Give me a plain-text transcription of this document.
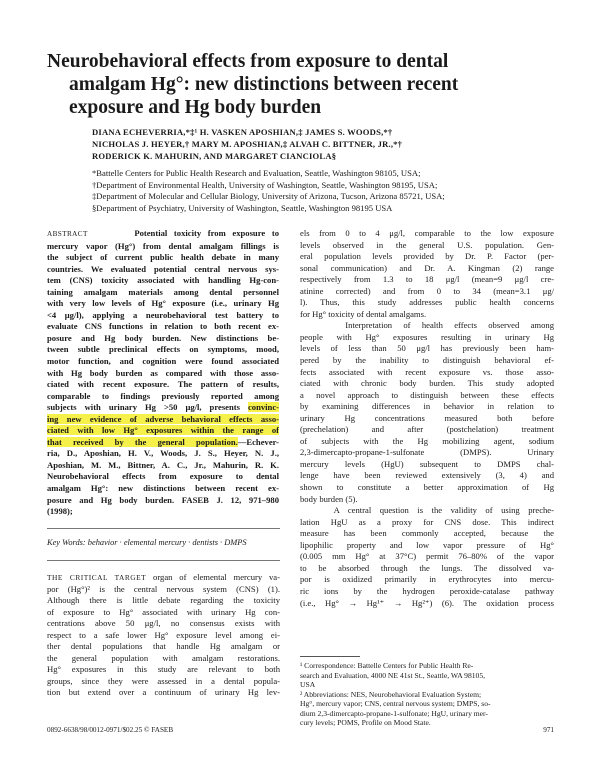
Neurobehavioral effects from exposure to dental
amalgam Hg°: new distinctions between recent
exposure and Hg body burden
DIANA ECHEVERRIA,*‡¹ H. VASKEN APOSHIAN,‡ JAMES S. WOODS,*†
NICHOLAS J. HEYER,† MARY M. APOSHIAN,‡ ALVAH C. BITTNER, JR.,*†
RODERICK K. MAHURIN, AND MARGARET CIANCIOLA§
*Battelle Centers for Public Health Research and Evaluation, Seattle, Washington 98105, USA;
†Department of Environmental Health, University of Washington, Seattle, Washington 98195, USA;
‡Department of Molecular and Cellular Biology, University of Arizona, Tucson, Arizona 85721, USA;
§Department of Psychiatry, University of Washington, Seattle, Washington 98195 USA
ABSTRACT	Potential toxicity from exposure to
mercury vapor (Hg°) from dental amalgam fillings is
the subject of current public health debate in many
countries. We evaluated potential central nervous sys-
tem (CNS) toxicity associated with handling Hg-con-
taining amalgam materials among dental personnel
with very low levels of Hg° exposure (i.e., urinary Hg
<4 μg/l), applying a neurobehavioral test battery to
evaluate CNS functions in relation to both recent ex-
posure and Hg body burden. New distinctions be-
tween subtle preclinical effects on symptoms, mood,
motor function, and cognition were found associated
with Hg body burden as compared with those asso-
ciated with recent exposure. The pattern of results,
comparable to findings previously reported among
subjects with urinary Hg >50 μg/l, presents convinc-
ing new evidence of adverse behavioral effects asso-
ciated with low Hg° exposures within the range of
that received by the general population.—Echever-
ria, D., Aposhian, H. V., Woods, J. S., Heyer, N. J.,
Aposhian, M. M., Bittner, A. C., Jr., Mahurin, R. K.
Neurobehavioral effects from exposure to dental
amalgam Hg°: new distinctions between recent ex-
posure and Hg body burden. FASEB J. 12, 971–980
(1998);
Key Words: behavior · elemental mercury · dentists · DMPS
THE CRITICAL TARGET organ of elemental mercury va-
por (Hg°)² is the central nervous system (CNS) (1).
Although there is little debate regarding the toxicity
of exposure to Hg° associated with urinary Hg con-
centrations above 50 μg/l, no consensus exists with
respect to a safe lower Hg° exposure level among ei-
ther dental populations that handle Hg amalgam or
the general population with amalgam restorations.
Hg° exposures in this study are relevant to both
groups, since they were assessed in a dental popula-
tion but extend over a continuum of urinary Hg lev-
els from 0 to 4 μg/l, comparable to the low exposure
levels observed in the general U.S. population. Gen-
eral population levels provided by Dr. P. Factor (per-
sonal communication) and Dr. A. Kingman (2) range
respectively from 1.3 to 18 μg/l (mean=9 μg/l cre-
atinine corrected) and from 0 to 34 (mean=3.1 μg/
l). Thus, this study addresses public health concerns
for Hg° toxicity of dental amalgams.
Interpretation of health effects observed among
people with Hg° exposures resulting in urinary Hg
levels of less than 50 μg/l has previously been ham-
pered by the inability to distinguish behavioral ef-
fects associated with recent exposure vs. those asso-
ciated with chronic body burden. This study adopted
a novel approach to distinguish between these effects
by examining differences in behavior in relation to
urinary Hg concentrations measured both before
(prechelation) and after (postchelation) treatment
of subjects with the Hg mobilizing agent, sodium
2,3-dimercapto-propane-1-sulfonate (DMPS). Urinary
mercury levels (HgU) subsequent to DMPS chal-
lenge have been reviewed extensively (3, 4) and
shown to constitute a better approximation of Hg
body burden (5).
A central question is the validity of using preche-
lation HgU as a proxy for CNS dose. This indirect
measure has been commonly accepted, because the
lipophilic property and low vapor pressure of Hg°
(0.005 mm Hg° at 37°C) permit 76–80% of the vapor
to be absorbed through the lungs. The dissolved va-
por is oxidized primarily in erythrocytes into mercu-
ric ions by the hydrogen peroxide-catalase pathway
(i.e., Hg° → Hg¹⁺ → Hg²⁺) (6). The oxidation process
¹ Correspondence: Battelle Centers for Public Health Re-
search and Evaluation, 4000 NE 41st St., Seattle, WA 98105,
USA
² Abbreviations: NES, Neurobehavioral Evaluation System;
Hg°, mercury vapor; CNS, central nervous system; DMPS, so-
dium 2,3-dimercapto-propane-1-sulfonate; HgU, urinary mer-
cury levels; POMS, Profile on Mood State.
0892-6638/98/0012-0971/$02.25 © FASEB	971
